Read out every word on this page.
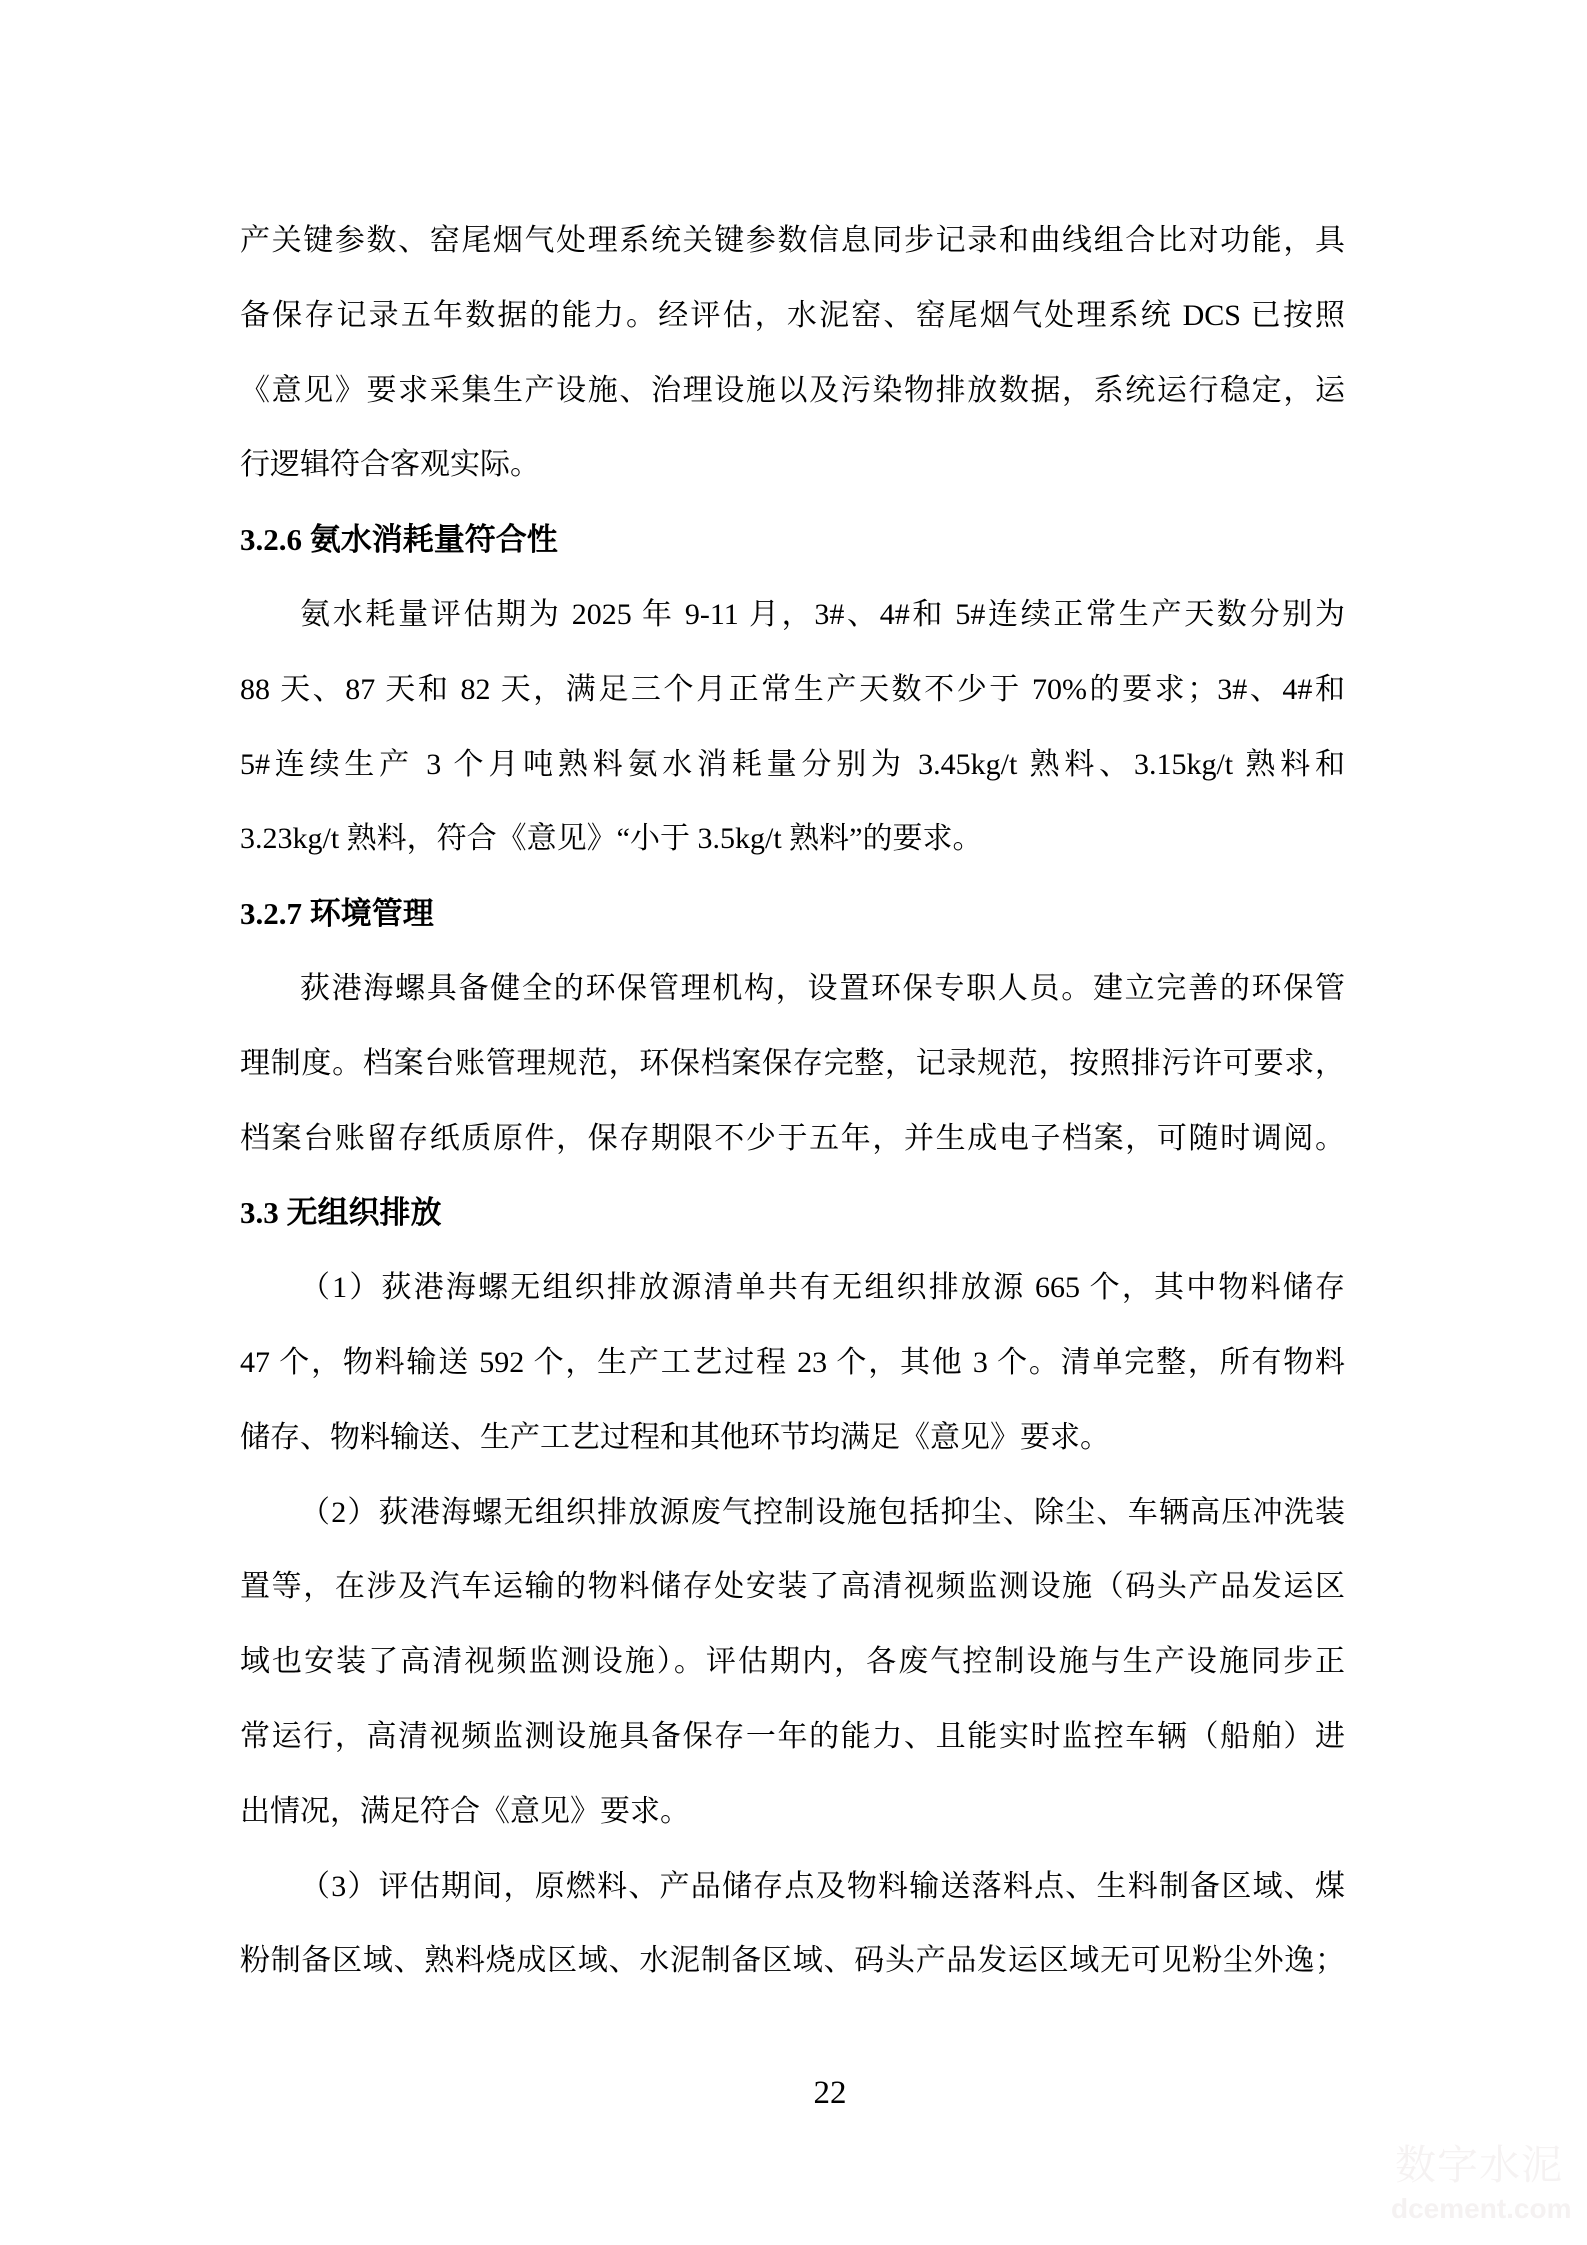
产关键参数、窑尾烟气处理系统关键参数信息同步记录和曲线组合比对功能，具
备保存记录五年数据的能力。经评估，水泥窑、窑尾烟气处理系统 DCS 已按照
《意见》要求采集生产设施、治理设施以及污染物排放数据，系统运行稳定，运
行逻辑符合客观实际。
3.2.6 氨水消耗量符合性
氨水耗量评估期为 2025 年 9-11 月，3#、4#和 5#连续正常生产天数分别为
88 天、87 天和 82 天，满足三个月正常生产天数不少于 70%的要求；3#、4#和
5#连续生产 3 个月吨熟料氨水消耗量分别为 3.45kg/t 熟料、3.15kg/t 熟料和
3.23kg/t 熟料，符合《意见》“小于 3.5kg/t 熟料”的要求。
3.2.7 环境管理
荻港海螺具备健全的环保管理机构，设置环保专职人员。建立完善的环保管
理制度。档案台账管理规范，环保档案保存完整，记录规范，按照排污许可要求，
档案台账留存纸质原件，保存期限不少于五年，并生成电子档案，可随时调阅。
3.3 无组织排放
（1）荻港海螺无组织排放源清单共有无组织排放源 665 个，其中物料储存
47 个，物料输送 592 个，生产工艺过程 23 个，其他 3 个。清单完整，所有物料
储存、物料输送、生产工艺过程和其他环节均满足《意见》要求。
（2）荻港海螺无组织排放源废气控制设施包括抑尘、除尘、车辆高压冲洗装
置等，在涉及汽车运输的物料储存处安装了高清视频监测设施（码头产品发运区
域也安装了高清视频监测设施）。评估期内，各废气控制设施与生产设施同步正
常运行，高清视频监测设施具备保存一年的能力、且能实时监控车辆（船舶）进
出情况，满足符合《意见》要求。
（3）评估期间，原燃料、产品储存点及物料输送落料点、生料制备区域、煤
粉制备区域、熟料烧成区域、水泥制备区域、码头产品发运区域无可见粉尘外逸；
22
数字水泥
dcement.com
